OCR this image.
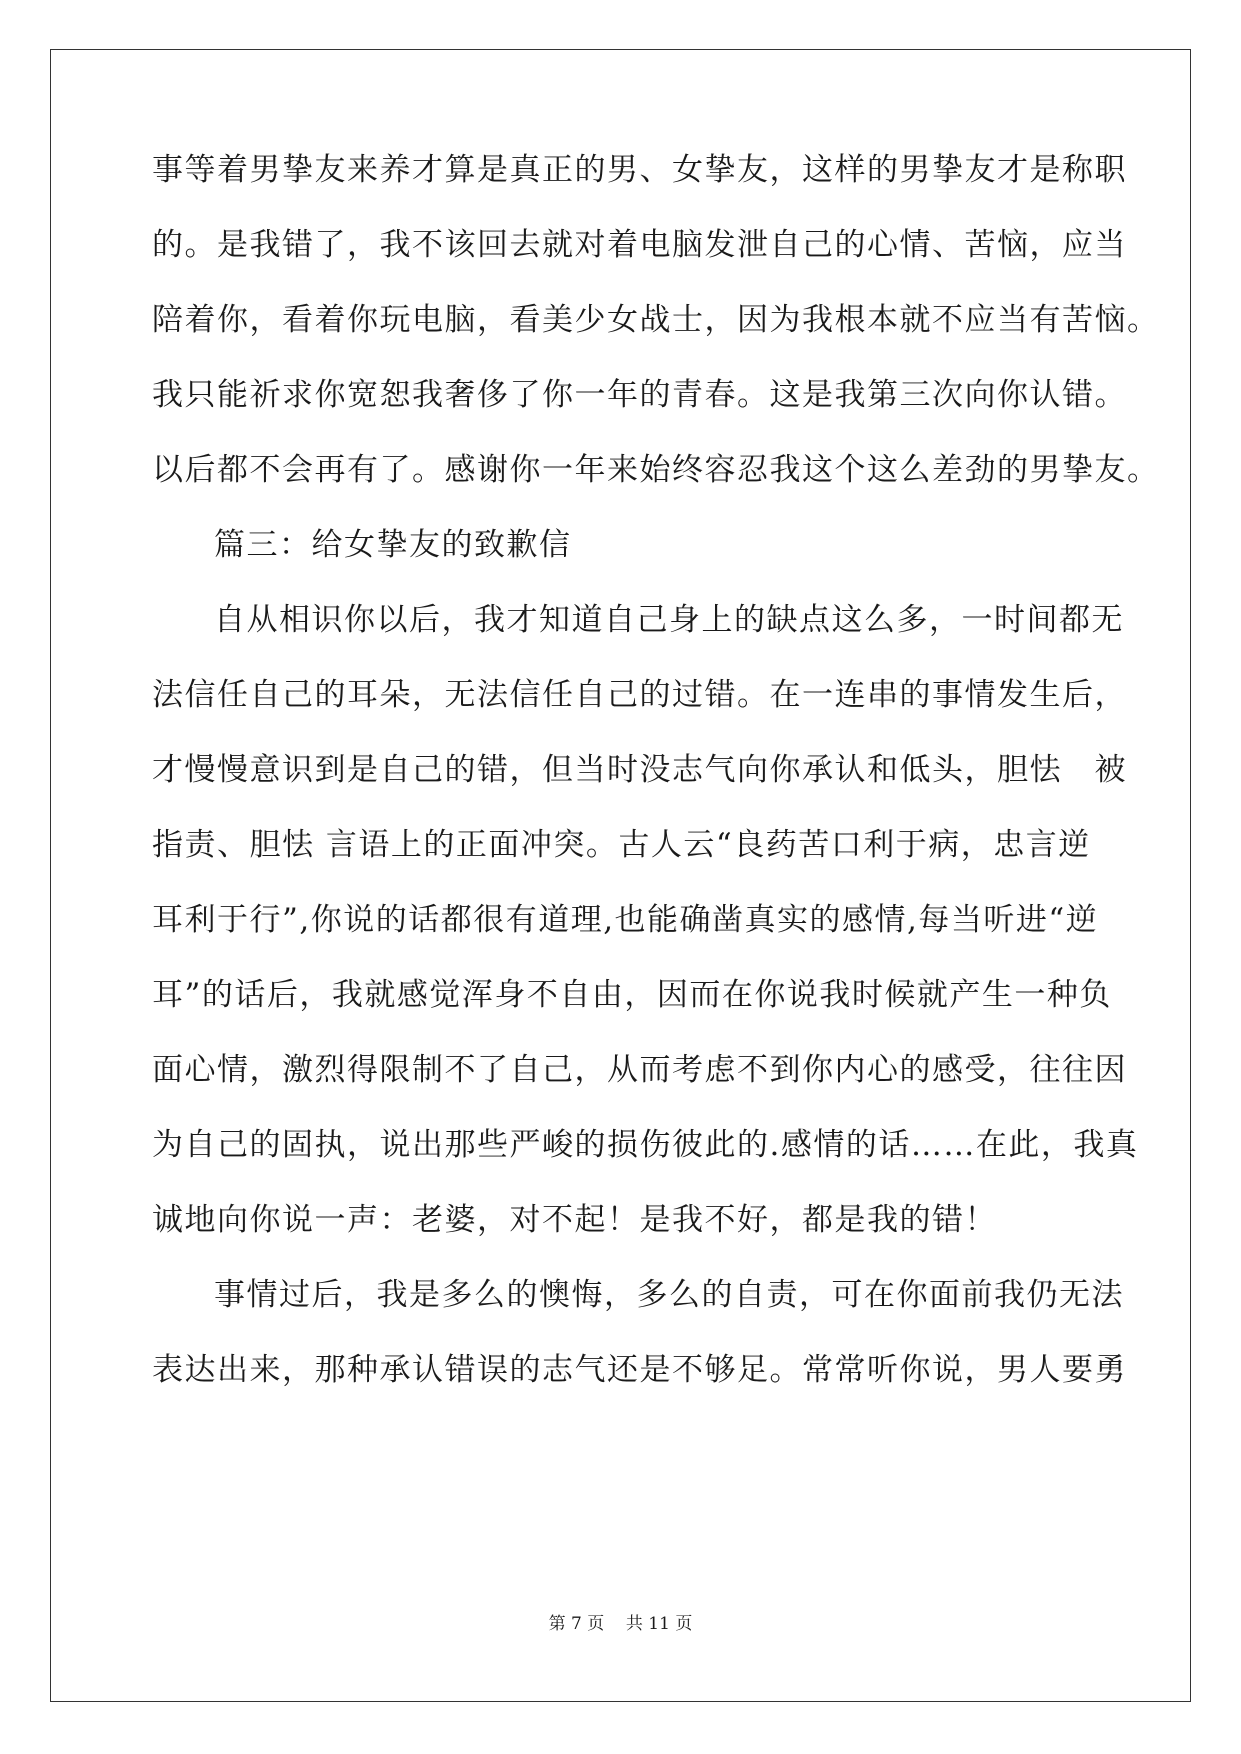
事等着男挚友来养才算是真正的男、女挚友，这样的男挚友才是称职
的。是我错了，我不该回去就对着电脑发泄自己的心情、苦恼，应当
陪着你，看着你玩电脑，看美少女战士，因为我根本就不应当有苦恼。
我只能祈求你宽恕我奢侈了你一年的青春。这是我第三次向你认错。
以后都不会再有了。感谢你一年来始终容忍我这个这么差劲的男挚友。
篇三：给女挚友的致歉信
自从相识你以后，我才知道自己身上的缺点这么多，一时间都无
法信任自己的耳朵，无法信任自己的过错。在一连串的事情发生后，
才慢慢意识到是自己的错，但当时没志气向你承认和低头，胆怯　被
指责、胆怯 言语上的正面冲突。古人云“良药苦口利于病，忠言逆
耳利于行”,你说的话都很有道理,也能确凿真实的感情,每当听进“逆
耳”的话后，我就感觉浑身不自由，因而在你说我时候就产生一种负
面心情，激烈得限制不了自己，从而考虑不到你内心的感受，往往因
为自己的固执，说出那些严峻的损伤彼此的.感情的话……在此，我真
诚地向你说一声：老婆，对不起！是我不好，都是我的错！
事情过后，我是多么的懊悔，多么的自责，可在你面前我仍无法
表达出来，那种承认错误的志气还是不够足。常常听你说，男人要勇
第 7 页    共 11 页
